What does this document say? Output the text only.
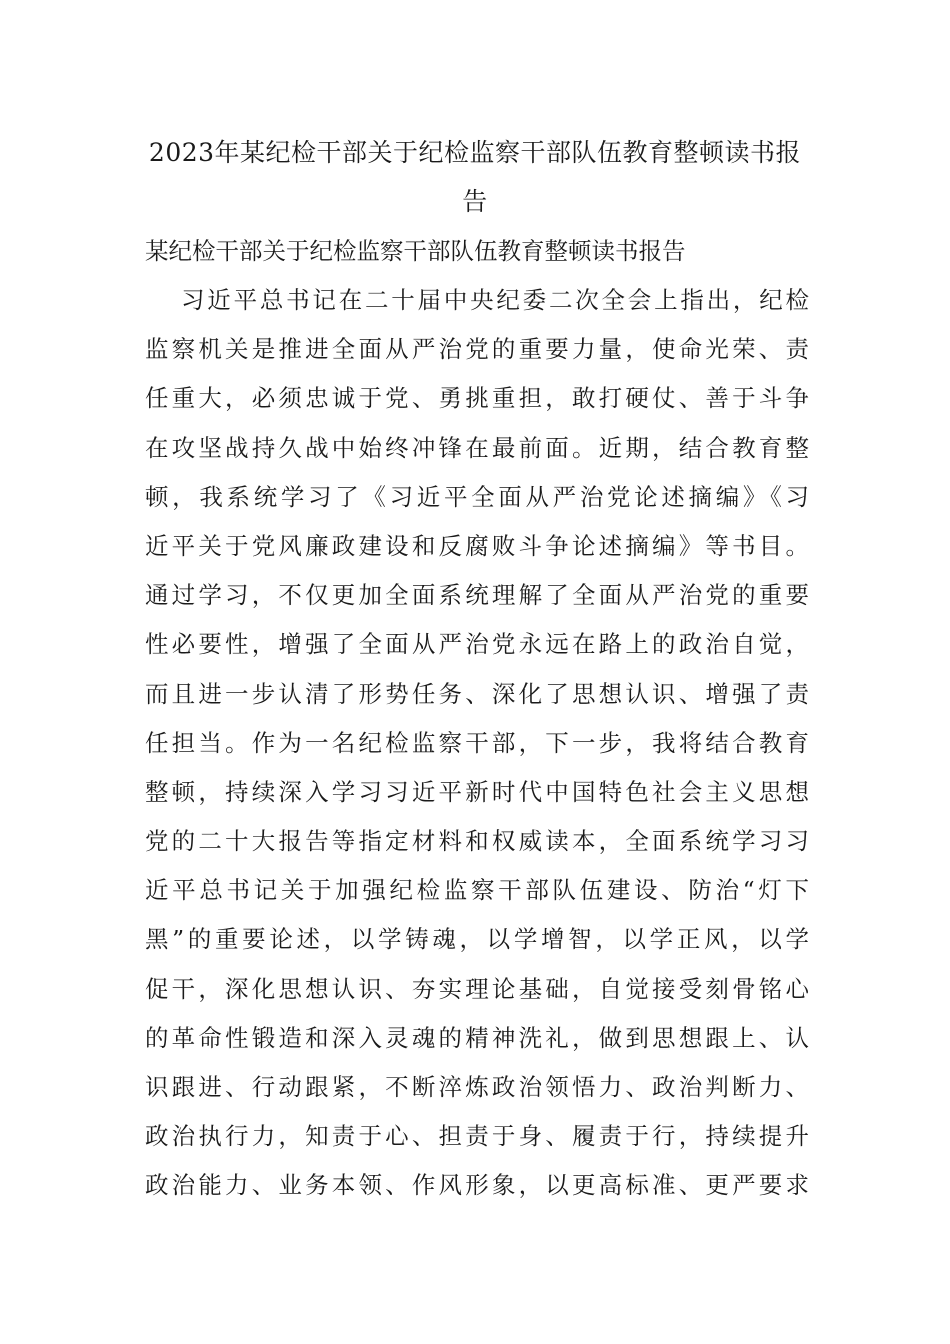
2023年某纪检干部关于纪检监察干部队伍教育整顿读书报告

某纪检干部关于纪检监察干部队伍教育整顿读书报告

习近平总书记在二十届中央纪委二次全会上指出，纪检
监察机关是推进全面从严治党的重要力量，使命光荣、责
任重大，必须忠诚于党、勇挑重担，敢打硬仗、善于斗争
在攻坚战持久战中始终冲锋在最前面。近期，结合教育整
顿，我系统学习了《习近平全面从严治党论述摘编》《习
近平关于党风廉政建设和反腐败斗争论述摘编》等书目。
通过学习，不仅更加全面系统理解了全面从严治党的重要
性必要性，增强了全面从严治党永远在路上的政治自觉，
而且进一步认清了形势任务、深化了思想认识、增强了责
任担当。作为一名纪检监察干部，下一步，我将结合教育
整顿，持续深入学习习近平新时代中国特色社会主义思想
党的二十大报告等指定材料和权威读本，全面系统学习习
近平总书记关于加强纪检监察干部队伍建设、防治“灯下
黑”的重要论述，以学铸魂，以学增智，以学正风，以学
促干，深化思想认识、夯实理论基础，自觉接受刻骨铭心
的革命性锻造和深入灵魂的精神洗礼，做到思想跟上、认
识跟进、行动跟紧，不断淬炼政治领悟力、政治判断力、
政治执行力，知责于心、担责于身、履责于行，持续提升
政治能力、业务本领、作风形象，以更高标准、更严要求
